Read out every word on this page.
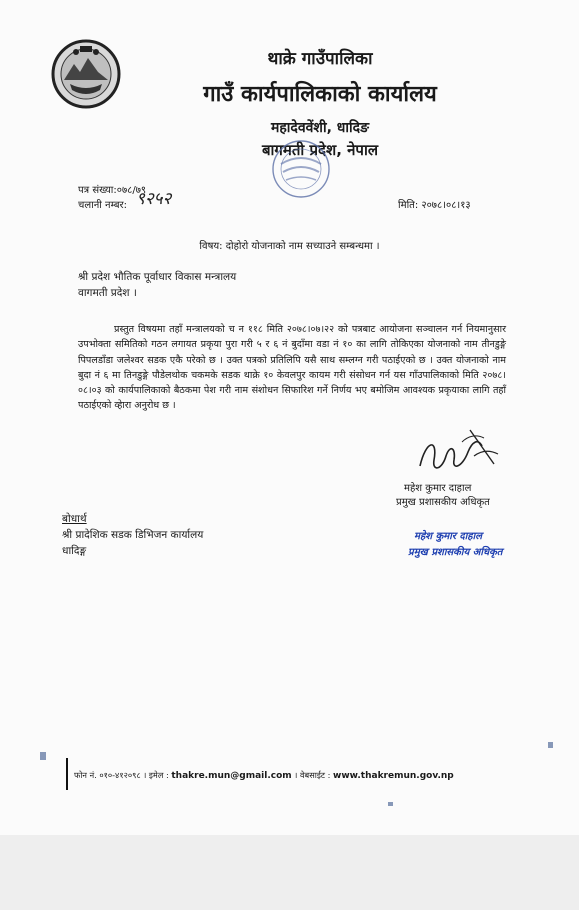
थाक्रे गाउँपालिका
गाउँ कार्यपालिकाको कार्यालय
महादेववेंशी, धादिङ
बागमती प्रदेश, नेपाल
पत्र संख्या:०७८/७९
चलानी नम्बर: ९२५२	मिति: २०७८।०८।१३
विषय: दोहोरो योजनाको नाम सच्याउने सम्बन्धमा ।
श्री प्रदेश भौतिक पूर्वाधार विकास मन्त्रालय
वागमती प्रदेश ।
प्रस्तुत विषयमा तहाँ मन्त्रालयको च न ११८ मिति २०७८।०७।२२ को पत्रबाट आयोजना सञ्चालन गर्न नियमानुसार उपभोक्ता समितिको गठन लगायत प्रकृया पुरा गरी ५ र ६ नं बुदाँमा वडा नं १० का लागि तोकिएका योजनाको नाम तीनडुङ्गे पिपलडाँडा जलेश्वर सडक एकै परेको छ । उक्त पत्रको प्रतिलिपि यसै साथ सम्लग्न गरी पठाईएको छ । उक्त योजनाको नाम बुदा नं ६ मा तिनडुङ्गे पौडेलथोक चकमके सडक थाक्रे १० केवलपुर कायम गरी संसोधन गर्न यस गाँउपालिकाको मिति २०७८।०८।०३ को कार्यपालिकाको बैठकमा पेश गरी नाम संशोधन सिफारिश गर्ने निर्णय भए बमोजिम आवश्यक प्रकृयाका लागि तहाँ पठाईएको व्हेारा अनुरोध छ ।
महेश कुमार दाहाल
प्रमुख प्रशासकीय अधिकृत
महेश कुमार दाहाल
प्रमुख प्रशासकीय अधिकृत
बोधार्थ
श्री प्रादेशिक सडक डिभिजन कार्यालय
धादिङ्ग
फोन नं. ०१०-४१२०९८ । इमेल : thakre.mun@gmail.com । वेबसाईट : www.thakremun.gov.np
